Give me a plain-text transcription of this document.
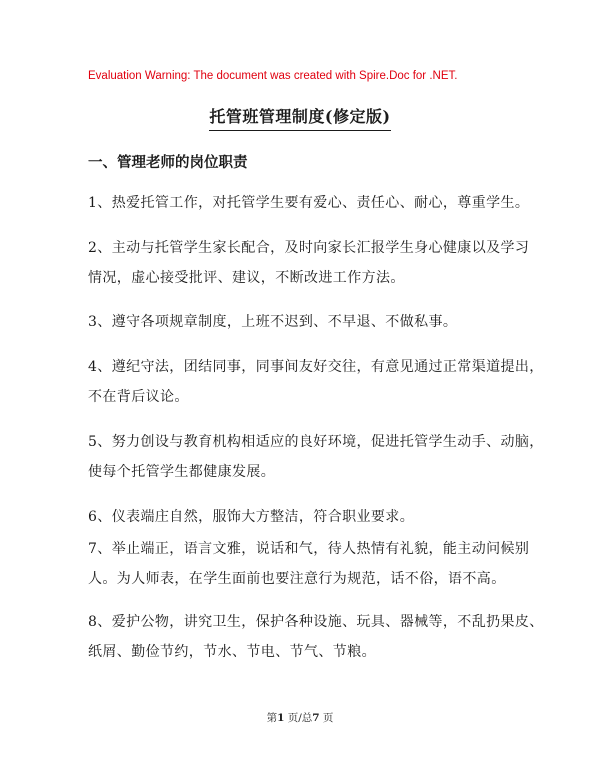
Evaluation Warning: The document was created with Spire.Doc for .NET.
托管班管理制度(修定版)
一、管理老师的岗位职责
1、热爱托管工作，对托管学生要有爱心、责任心、耐心，尊重学生。
2、主动与托管学生家长配合，及时向家长汇报学生身心健康以及学习
情况，虚心接受批评、建议，不断改进工作方法。
3、遵守各项规章制度，上班不迟到、不早退、不做私事。
4、遵纪守法，团结同事，同事间友好交往，有意见通过正常渠道提出，
不在背后议论。
5、努力创设与教育机构相适应的良好环境，促进托管学生动手、动脑，
使每个托管学生都健康发展。
6、仪表端庄自然，服饰大方整洁，符合职业要求。
7、举止端正，语言文雅，说话和气，待人热情有礼貌，能主动问候别
人。为人师表，在学生面前也要注意行为规范，话不俗，语不高。
8、爱护公物，讲究卫生，保护各种设施、玩具、器械等，不乱扔果皮、
纸屑、勤俭节约，节水、节电、节气、节粮。
第1 页/总7 页
